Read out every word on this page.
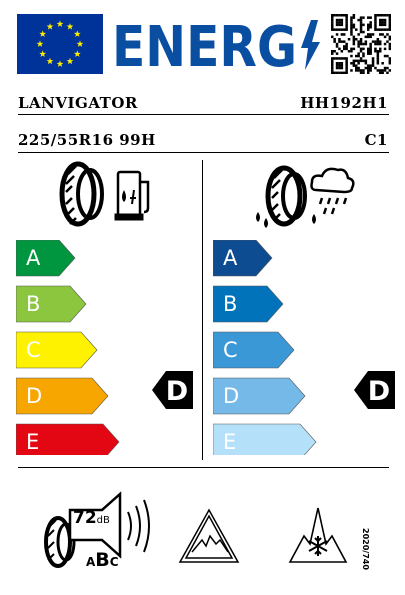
ENERG
LANVIGATOR	HH192H1
225/55R16 99H	C1
A
B
C
D
E
D
A
B
C
D
E
D
72dB
ABC	2020/740
